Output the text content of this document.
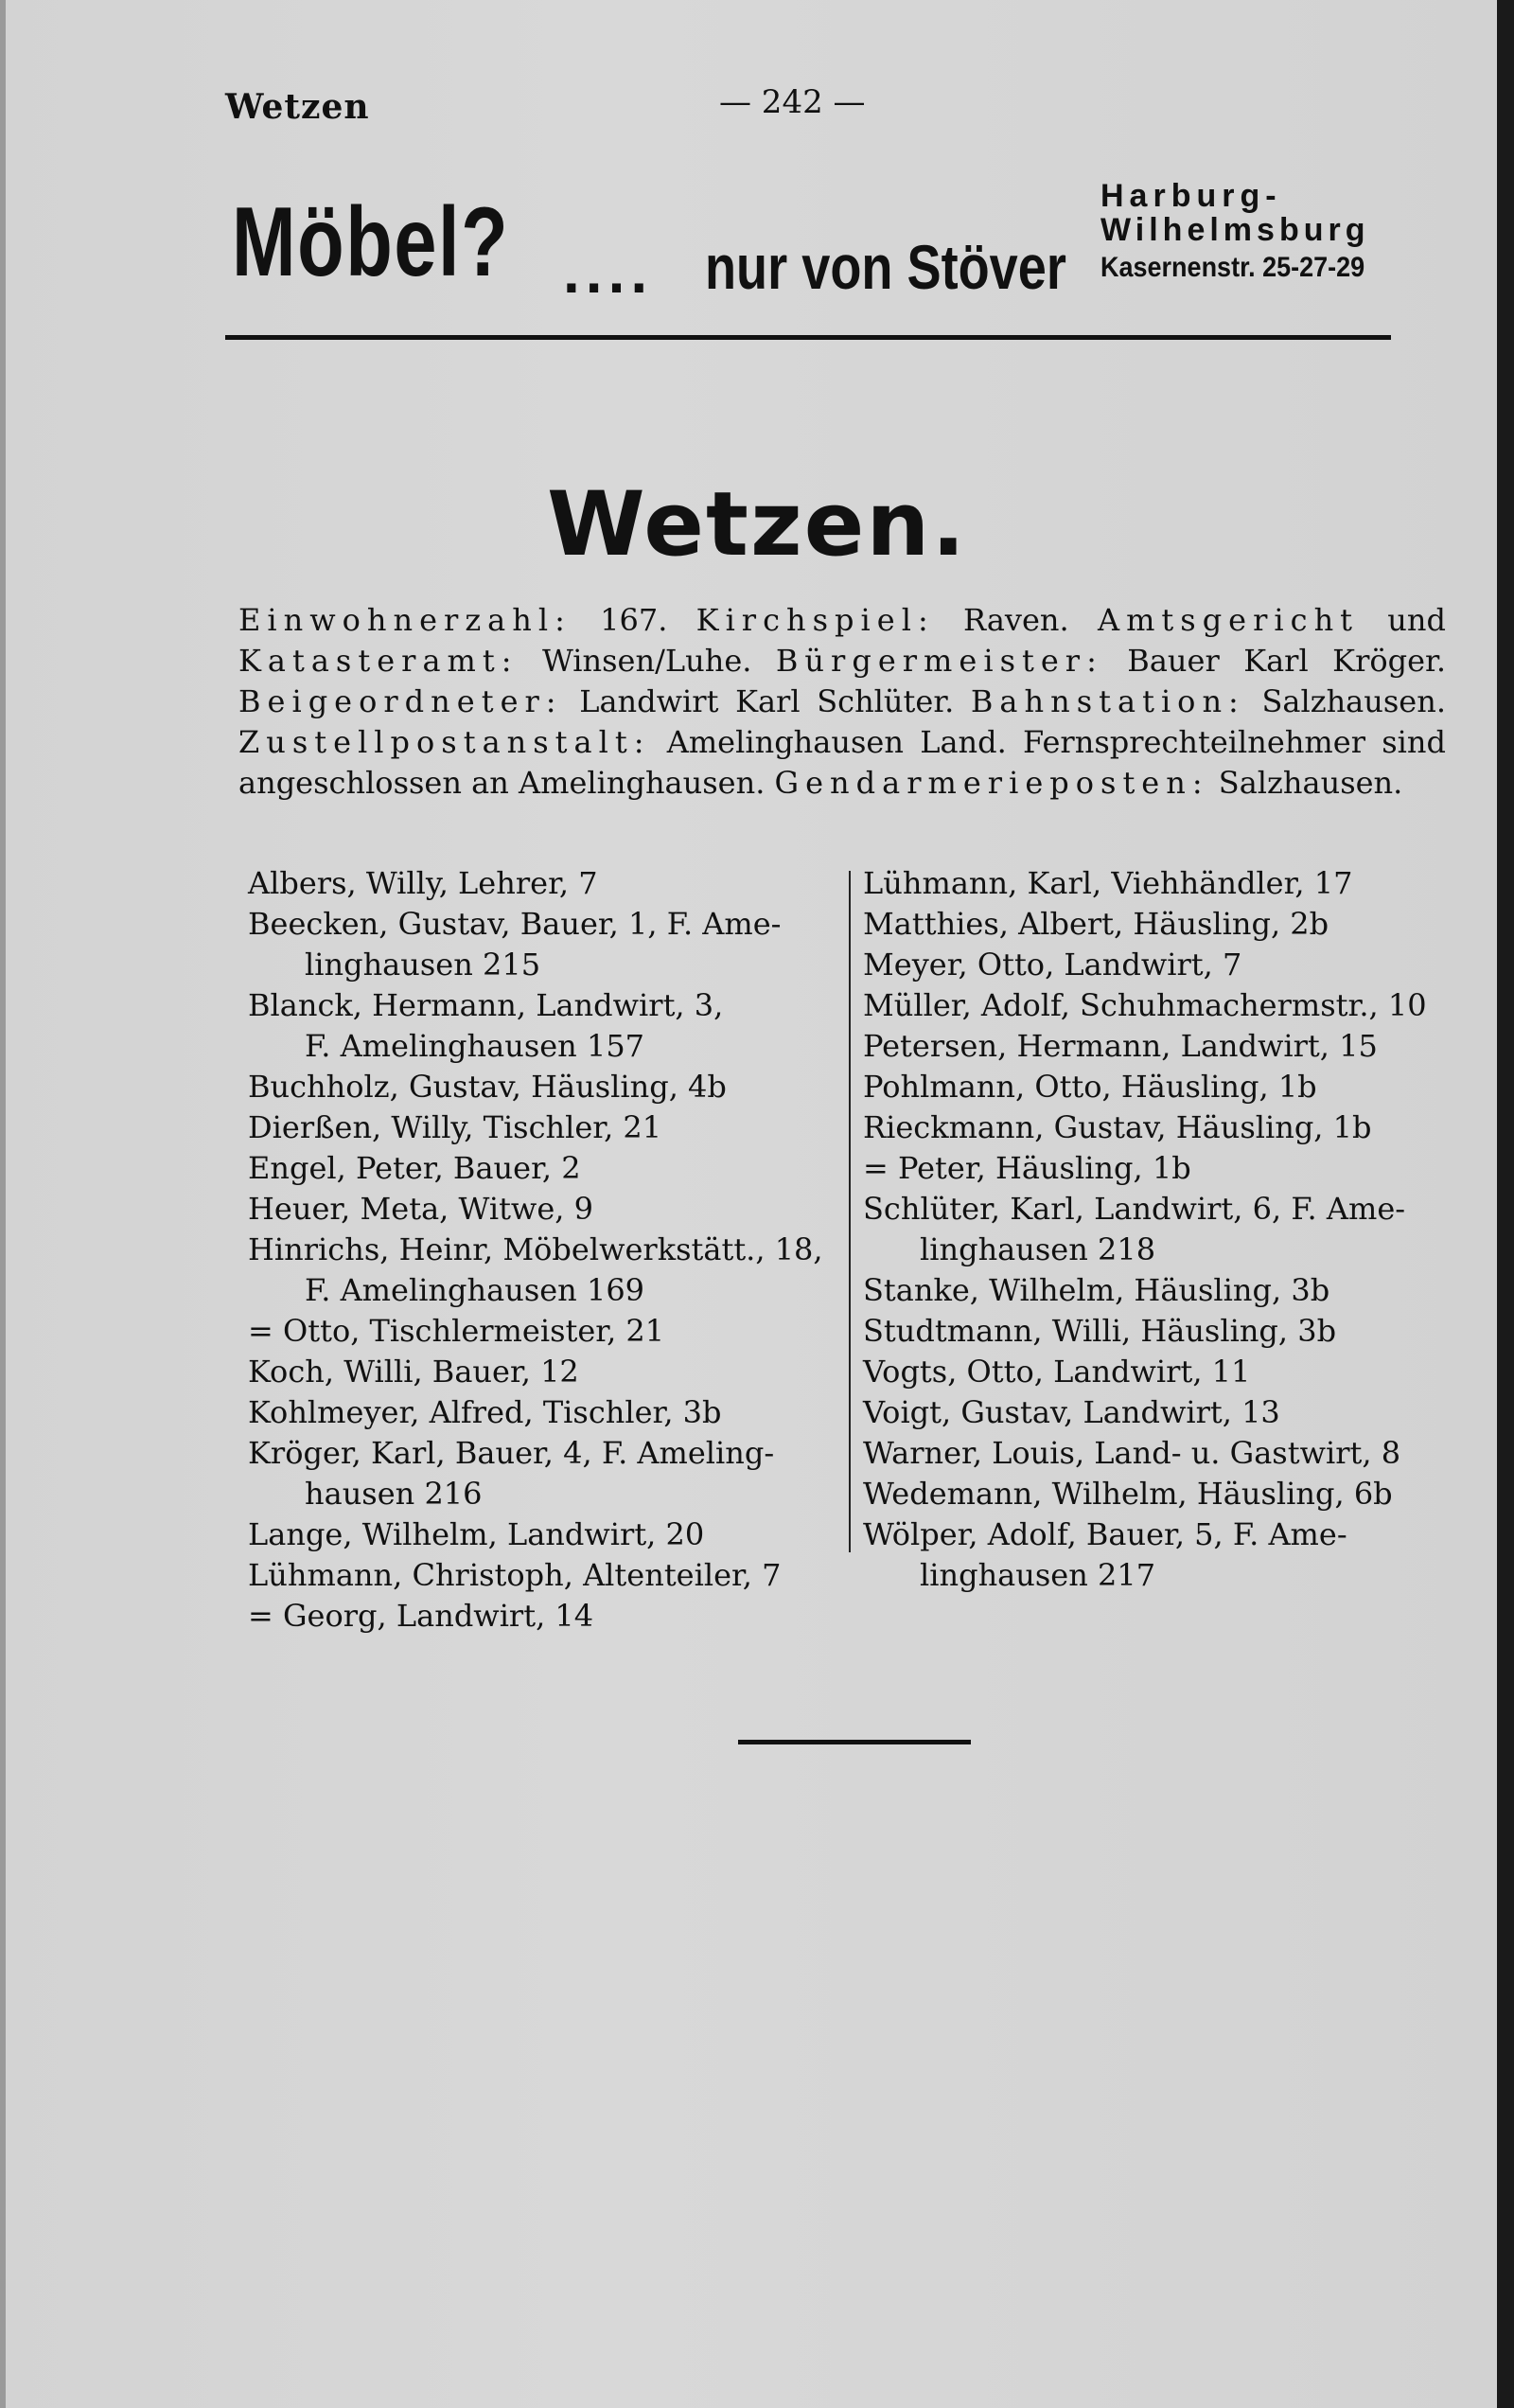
Wetzen	— 242 —
Möbel? .... nur von Stöver
Harburg-
Wilhelmsburg
Kasernenstr. 25-27-29
Wetzen.
Einwohnerzahl: 167. Kirchspiel: Raven. Amtsgericht und Katasteramt: Winsen/Luhe. Bürgermeister: Bauer Karl Kröger. Beigeordneter: Landwirt Karl Schlüter. Bahnstation: Salzhausen. Zustellpostanstalt: Amelinghausen Land. Fernsprechteilnehmer sind angeschlossen an Amelinghausen. Gendarmerieposten: Salzhausen.
Albers, Willy, Lehrer, 7
Beecken, Gustav, Bauer, 1, F. Ame-
linghausen 215
Blanck, Hermann, Landwirt, 3,
F. Amelinghausen 157
Buchholz, Gustav, Häusling, 4b
Dierßen, Willy, Tischler, 21
Engel, Peter, Bauer, 2
Heuer, Meta, Witwe, 9
Hinrichs, Heinr, Möbelwerkstätt., 18,
F. Amelinghausen 169
= Otto, Tischlermeister, 21
Koch, Willi, Bauer, 12
Kohlmeyer, Alfred, Tischler, 3b
Kröger, Karl, Bauer, 4, F. Ameling-
hausen 216
Lange, Wilhelm, Landwirt, 20
Lühmann, Christoph, Altenteiler, 7
= Georg, Landwirt, 14
Lühmann, Karl, Viehhändler, 17
Matthies, Albert, Häusling, 2b
Meyer, Otto, Landwirt, 7
Müller, Adolf, Schuhmachermstr., 10
Petersen, Hermann, Landwirt, 15
Pohlmann, Otto, Häusling, 1b
Rieckmann, Gustav, Häusling, 1b
= Peter, Häusling, 1b
Schlüter, Karl, Landwirt, 6, F. Ame-
linghausen 218
Stanke, Wilhelm, Häusling, 3b
Studtmann, Willi, Häusling, 3b
Vogts, Otto, Landwirt, 11
Voigt, Gustav, Landwirt, 13
Warner, Louis, Land- u. Gastwirt, 8
Wedemann, Wilhelm, Häusling, 6b
Wölper, Adolf, Bauer, 5, F. Ame-
linghausen 217
